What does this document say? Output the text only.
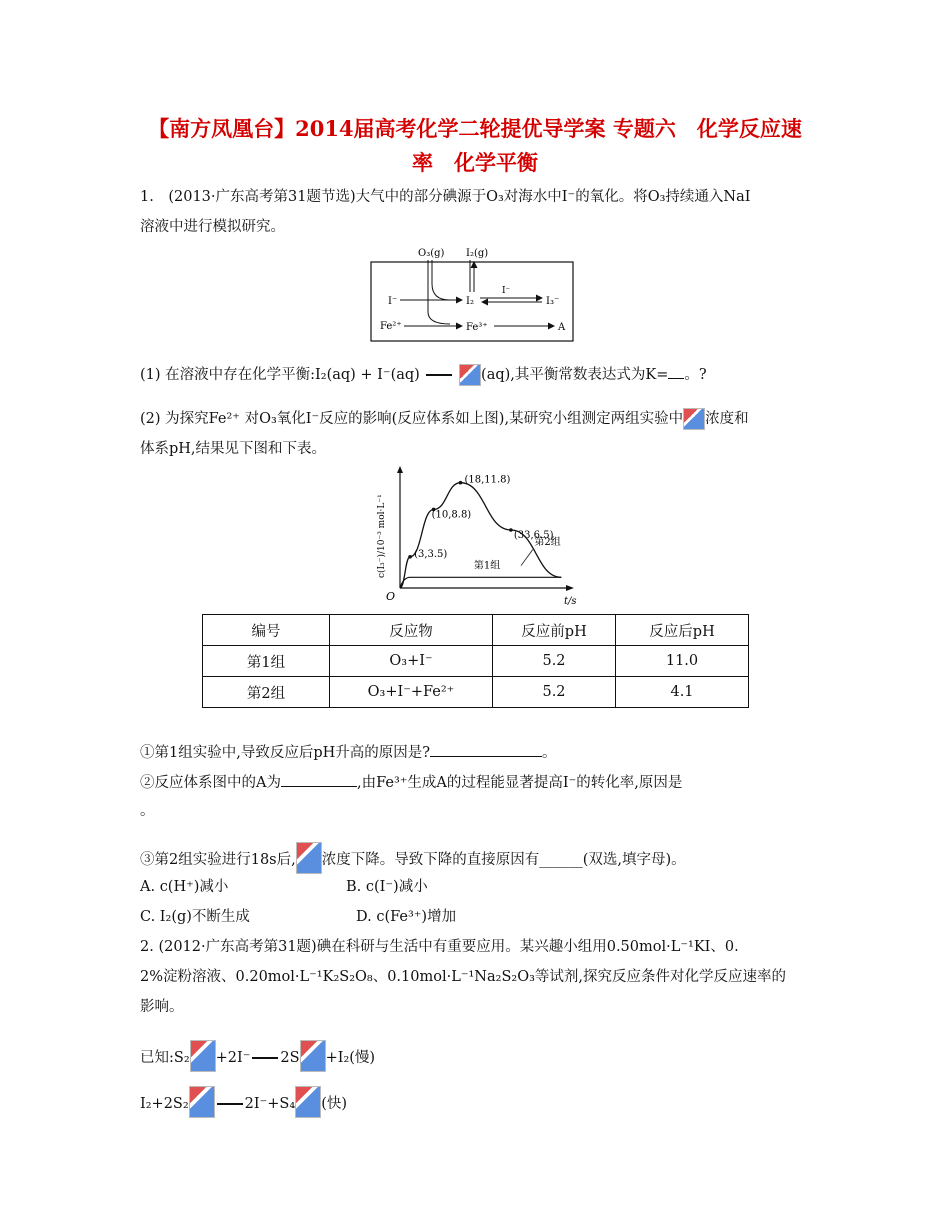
【南方凤凰台】2014届高考化学二轮提优导学案 专题六　化学反应速
率　化学平衡
1.　(2013·广东高考第31题节选)大气中的部分碘源于O₃对海水中I⁻的氧化。将O₃持续通入NaI
溶液中进行模拟研究。
O₃(g) I₂(g)
I⁻	I₂
I⁻
I₃⁻
Fe²⁺	Fe³⁺	A
(1) 在溶液中存在化学平衡:I₂(aq) + I⁻(aq)	(aq),其平衡常数表达式为K= 。?
(2) 为探究Fe²⁺ 对O₃氧化I⁻反应的影响(反应体系如上图),某研究小组测定两组实验中 浓度和
体系pH,结果见下图和下表。
O	t/s
c(I₃⁻)/10⁻³ mol·L⁻¹	(3,3.5)
(10,8.8)
(18,11.8)
(33,6.5)
第2组
第1组
编号	反应物	反应前pH	反应后pH
第1组	O₃+I⁻	5.2	11.0
第2组	O₃+I⁻+Fe²⁺	5.2	4.1
①第1组实验中,导致反应后pH升高的原因是?	。
②反应体系图中的A为	,由Fe³⁺生成A的过程能显著提高I⁻的转化率,原因是
。
③第2组实验进行18s后, 浓度下降。导致下降的直接原因有______(双选,填字母)。
A. c(H⁺)减小	B. c(I⁻)减小
C. I₂(g)不断生成	D. c(Fe³⁺)增加
2. (2012·广东高考第31题)碘在科研与生活中有重要应用。某兴趣小组用0.50mol·L⁻¹KI、0.
2%淀粉溶液、0.20mol·L⁻¹K₂S₂O₈、0.10mol·L⁻¹Na₂S₂O₃等试剂,探究反应条件对化学反应速率的
影响。
已知:S₂ +2I⁻ 2S +I₂(慢)
I₂+2S₂	2I⁻+S₄ (快)
